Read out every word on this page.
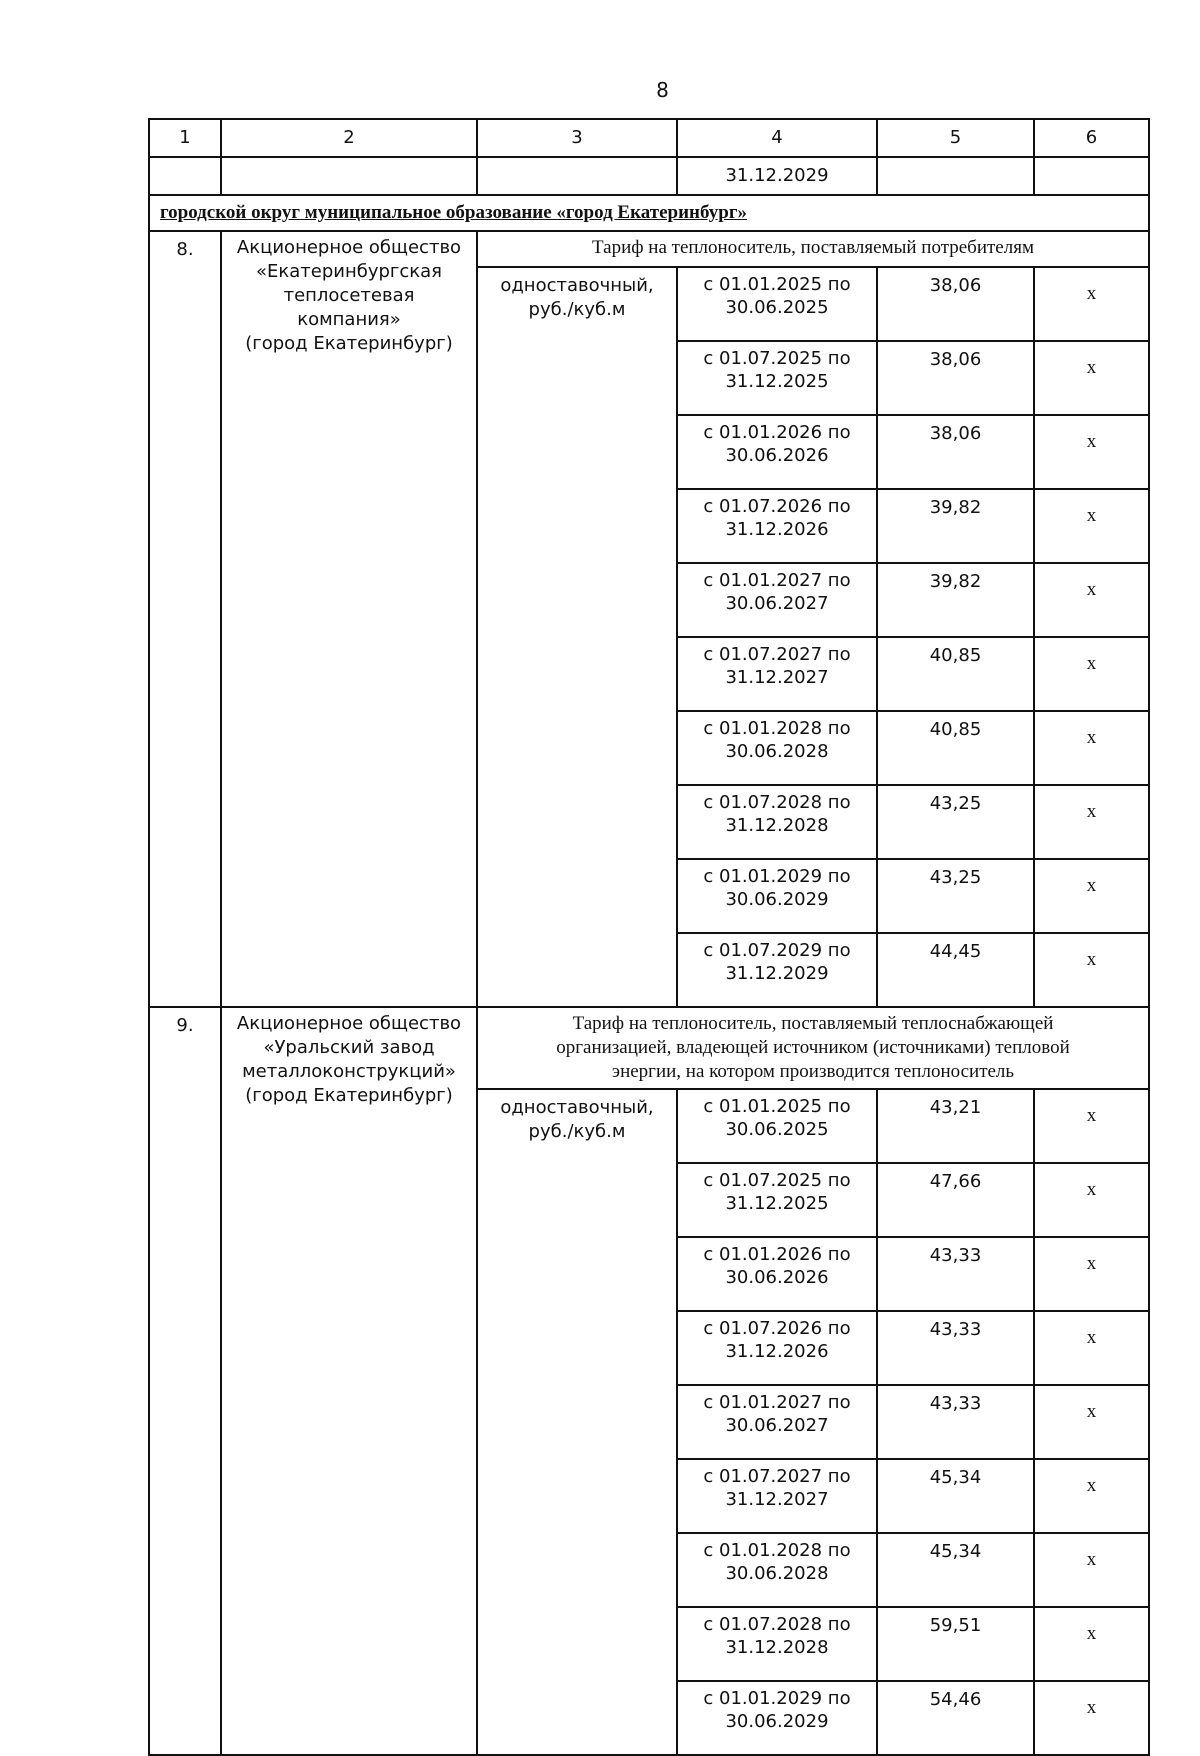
8
1	2	3	4	5	6
			31.12.2029		
городской округ муниципальное образование «город Екатеринбург»					
8.	Акционерное общество
«Екатеринбургская
теплосетевая компания»
(город Екатеринбург)	Тариф на теплоноситель, поставляемый потребителям			

		одноставочный,
руб./куб.м	с 01.01.2025 по
30.06.2025	38,06	х

			с 01.07.2025 по
31.12.2025	38,06	х

			с 01.01.2026 по
30.06.2026	38,06	х

			с 01.07.2026 по
31.12.2026	39,82	х

			с 01.01.2027 по
30.06.2027	39,82	х

			с 01.07.2027 по
31.12.2027	40,85	х

			с 01.01.2028 по
30.06.2028	40,85	х

			с 01.07.2028 по
31.12.2028	43,25	х

			с 01.01.2029 по
30.06.2029	43,25	х

			с 01.07.2029 по
31.12.2029	44,45	х
9.	Акционерное общество
«Уральский завод
металлоконструкций»
(город Екатеринбург)	Тариф на теплоноситель, поставляемый теплоснабжающей
организацией, владеющей источником (источниками) тепловой
энергии, на котором производится теплоноситель			

		одноставочный,
руб./куб.м	с 01.01.2025 по
30.06.2025	43,21	х

			с 01.07.2025 по
31.12.2025	47,66	х

			с 01.01.2026 по
30.06.2026	43,33	х

			с 01.07.2026 по
31.12.2026	43,33	х

			с 01.01.2027 по
30.06.2027	43,33	х

			с 01.07.2027 по
31.12.2027	45,34	х

			с 01.01.2028 по
30.06.2028	45,34	х

			с 01.07.2028 по
31.12.2028	59,51	х

			с 01.01.2029 по
30.06.2029	54,46	х
